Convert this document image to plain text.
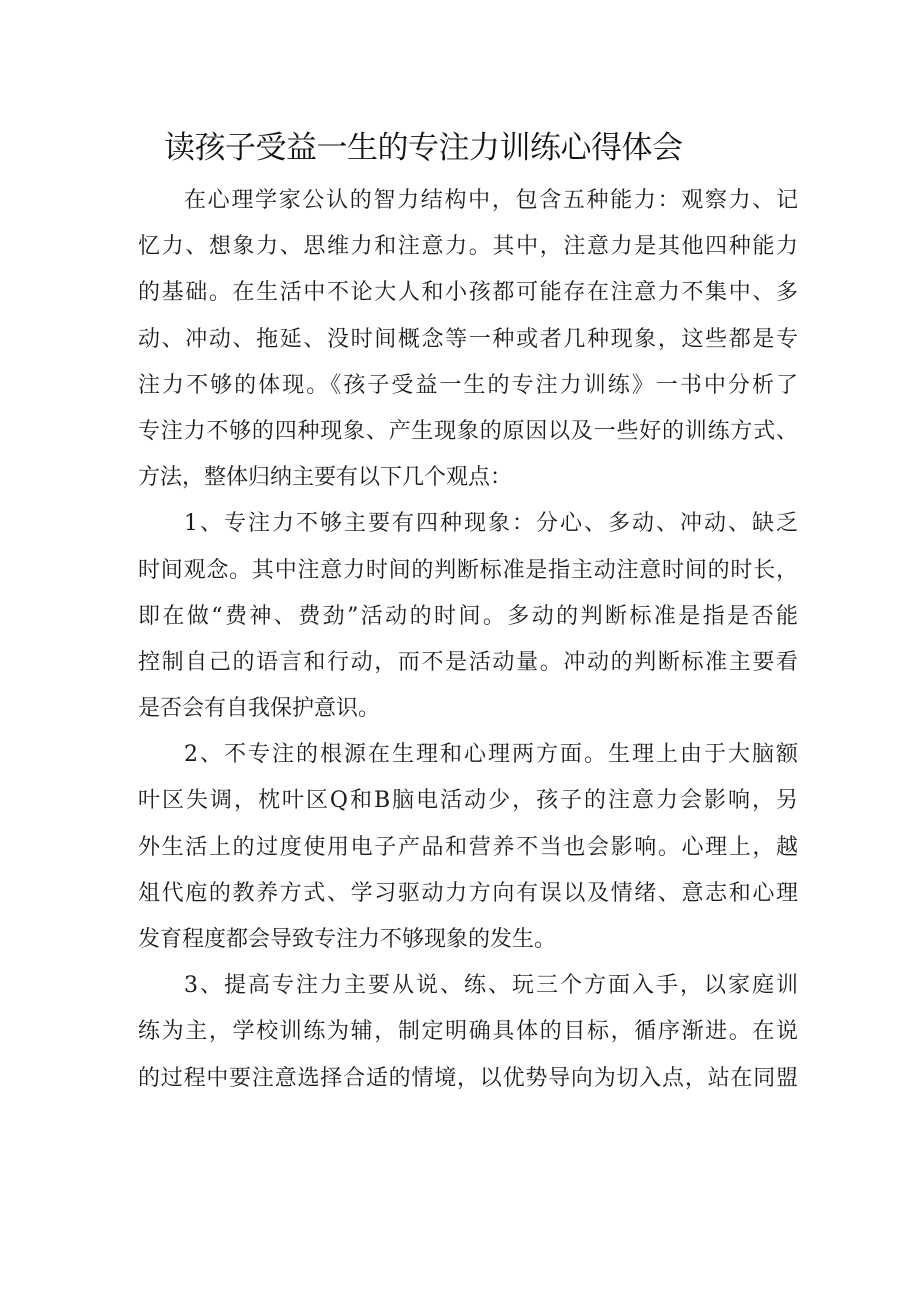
读孩子受益一生的专注力训练心得体会
在心理学家公认的智力结构中，包含五种能力：观察力、记
忆力、想象力、思维力和注意力。其中，注意力是其他四种能力
的基础。在生活中不论大人和小孩都可能存在注意力不集中、多
动、冲动、拖延、没时间概念等一种或者几种现象，这些都是专
注力不够的体现。《孩子受益一生的专注力训练》一书中分析了
专注力不够的四种现象、产生现象的原因以及一些好的训练方式、
方法，整体归纳主要有以下几个观点：
1、专注力不够主要有四种现象：分心、多动、冲动、缺乏
时间观念。其中注意力时间的判断标准是指主动注意时间的时长，
即在做“费神、费劲”活动的时间。多动的判断标准是指是否能
控制自己的语言和行动，而不是活动量。冲动的判断标准主要看
是否会有自我保护意识。
2、不专注的根源在生理和心理两方面。生理上由于大脑额
叶区失调，枕叶区Q和B脑电活动少，孩子的注意力会影响，另
外生活上的过度使用电子产品和营养不当也会影响。心理上，越
俎代庖的教养方式、学习驱动力方向有误以及情绪、意志和心理
发育程度都会导致专注力不够现象的发生。
3、提高专注力主要从说、练、玩三个方面入手，以家庭训
练为主，学校训练为辅，制定明确具体的目标，循序渐进。在说
的过程中要注意选择合适的情境，以优势导向为切入点，站在同盟
